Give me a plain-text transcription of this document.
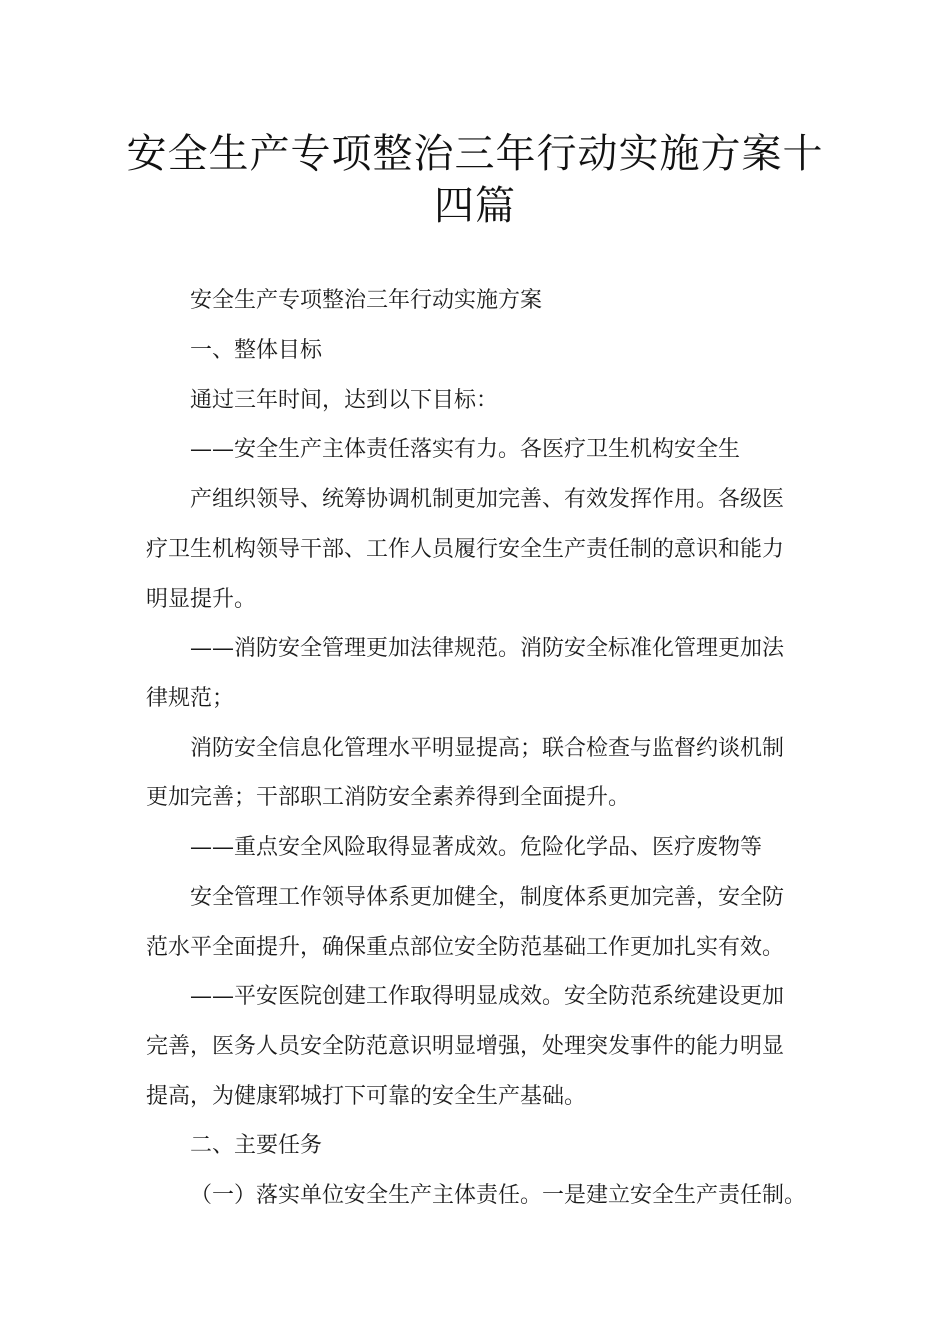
安全生产专项整治三年行动实施方案十
四篇
安全生产专项整治三年行动实施方案
一、整体目标
通过三年时间，达到以下目标：
——安全生产主体责任落实有力。各医疗卫生机构安全生
产组织领导、统筹协调机制更加完善、有效发挥作用。各级医
疗卫生机构领导干部、工作人员履行安全生产责任制的意识和能力
明显提升。
——消防安全管理更加法律规范。消防安全标准化管理更加法
律规范；
消防安全信息化管理水平明显提高；联合检查与监督约谈机制
更加完善；干部职工消防安全素养得到全面提升。
——重点安全风险取得显著成效。危险化学品、医疗废物等
安全管理工作领导体系更加健全，制度体系更加完善，安全防
范水平全面提升，确保重点部位安全防范基础工作更加扎实有效。
——平安医院创建工作取得明显成效。安全防范系统建设更加
完善，医务人员安全防范意识明显增强，处理突发事件的能力明显
提高，为健康郓城打下可靠的安全生产基础。
二、主要任务
（一）落实单位安全生产主体责任。一是建立安全生产责任制。
